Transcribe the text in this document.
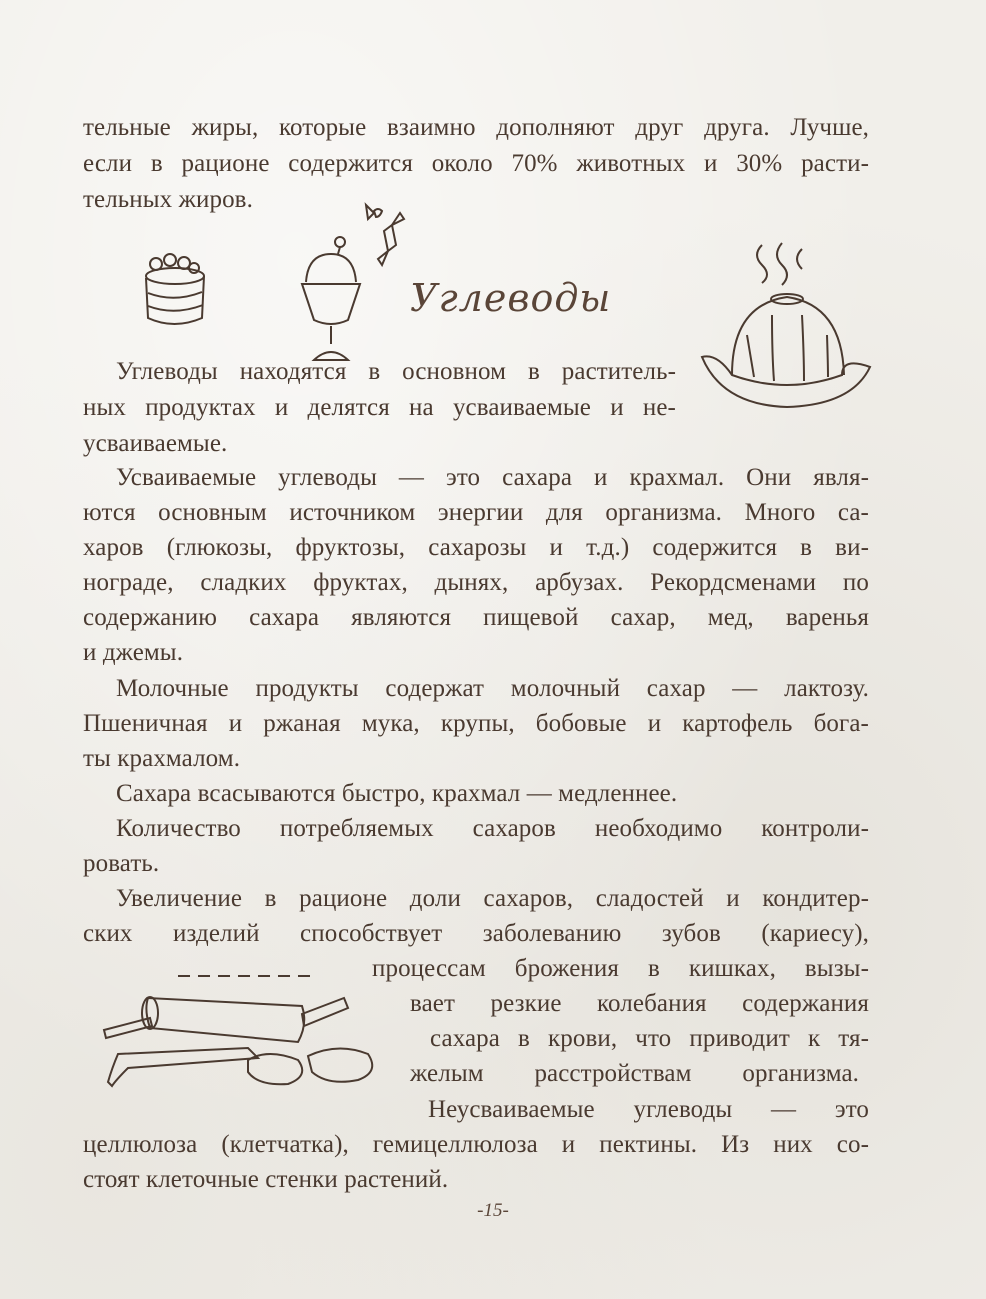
тельные жиры, которые взаимно дополняют друг друга. Лучше,
если в рационе содержится около 70% животных и 30% расти-
тельных жиров.
Углеводы
Углеводы находятся в основном в раститель-
ных продуктах и делятся на усваиваемые и не-
усваиваемые.
Усваиваемые углеводы — это сахара и крахмал. Они явля-
ются основным источником энергии для организма. Много са-
харов (глюкозы, фруктозы, сахарозы и т.д.) содержится в ви-
нограде, сладких фруктах, дынях, арбузах. Рекордсменами по
содержанию сахара являются пищевой сахар, мед, варенья
и джемы.
Молочные продукты содержат молочный сахар — лактозу.
Пшеничная и ржаная мука, крупы, бобовые и картофель бога-
ты крахмалом.
Сахара всасываются быстро, крахмал — медленнее.
Количество потребляемых сахаров необходимо контроли-
ровать.
Увеличение в рационе доли сахаров, сладостей и кондитер-
ских изделий способствует заболеванию зубов (кариесу),
процессам брожения в кишках, вызы-
вает резкие колебания содержания
сахара в крови, что приводит к тя-
желым расстройствам организма.
Неусваиваемые углеводы — это
целлюлоза (клетчатка), гемицеллюлоза и пектины. Из них со-
стоят клеточные стенки растений.
-15-
